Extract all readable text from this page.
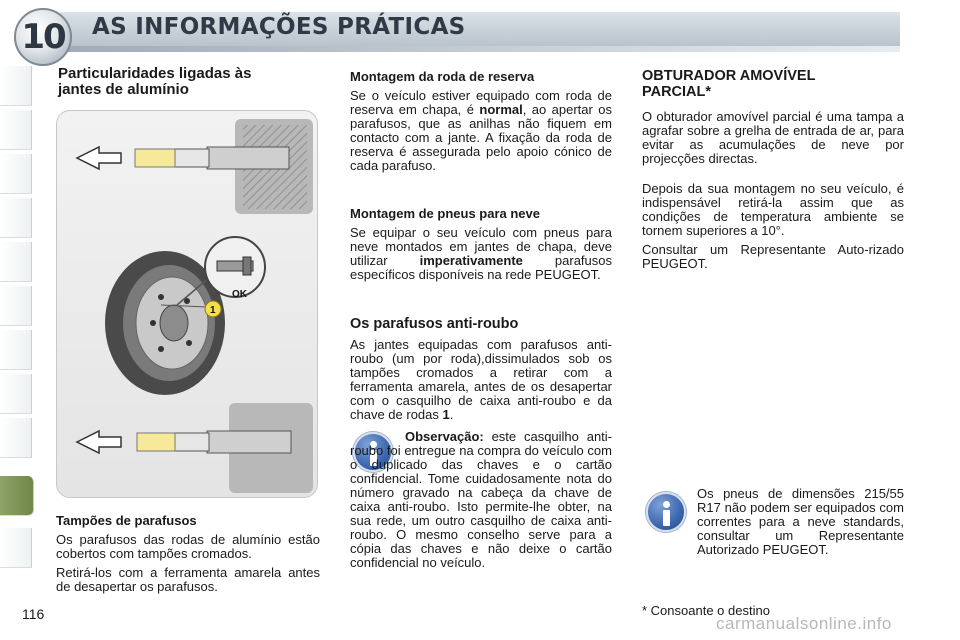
10	AS INFORMAÇÕES PRÁTICAS
Particularidades ligadas às
jantes de alumínio
OK
1
Tampões de parafusos

Os parafusos das rodas de alumínio estão cobertos com tampões cromados.

Retirá-los com a ferramenta amarela antes de desapertar os parafusos.

Montagem da roda de reserva

Se o veículo estiver equipado com roda de reserva em chapa, é normal, ao apertar os parafusos, que as anilhas não fiquem em contacto com a jante. A fixação da roda de reserva é assegurada pelo apoio cónico de cada parafuso.

Montagem de pneus para neve

Se equipar o seu veículo com pneus para neve montados em jantes de chapa, deve utilizar imperativamente parafusos específicos disponíveis na rede PEUGEOT.

Os parafusos anti-roubo

As jantes equipadas com parafusos anti-roubo (um por roda),dissimulados sob os tampões cromados a retirar com a ferramenta amarela, antes de os desapertar com o casquilho de caixa anti-roubo e da chave de rodas 1.

Observação: este casquilho anti-roubo foi entregue na compra do veículo com o duplicado das chaves e o cartão confidencial. Tome cuidadosamente nota do número gravado na cabeça da chave de caixa anti-roubo. Isto permite-lhe obter, na sua rede, um outro casquilho de caixa anti-roubo. O mesmo conselho serve para a cópia das chaves e não deixe o cartão confidencial no veículo.

OBTURADOR AMOVÍVEL
PARCIAL*

O obturador amovível parcial é uma tampa a agrafar sobre a grelha de entrada de ar, para evitar as acumulações de neve por projecções directas.

Depois da sua montagem no seu veículo, é indispensável retirá-la assim que as condições de temperatura ambiente se tornem superiores a 10°.

Consultar um Representante Auto-rizado PEUGEOT.

Os pneus de dimensões 215/55 R17 não podem ser equipados com correntes para a neve standards, consultar um Representante Autorizado PEUGEOT.

* Consoante o destino
116	carmanualsonline.info
